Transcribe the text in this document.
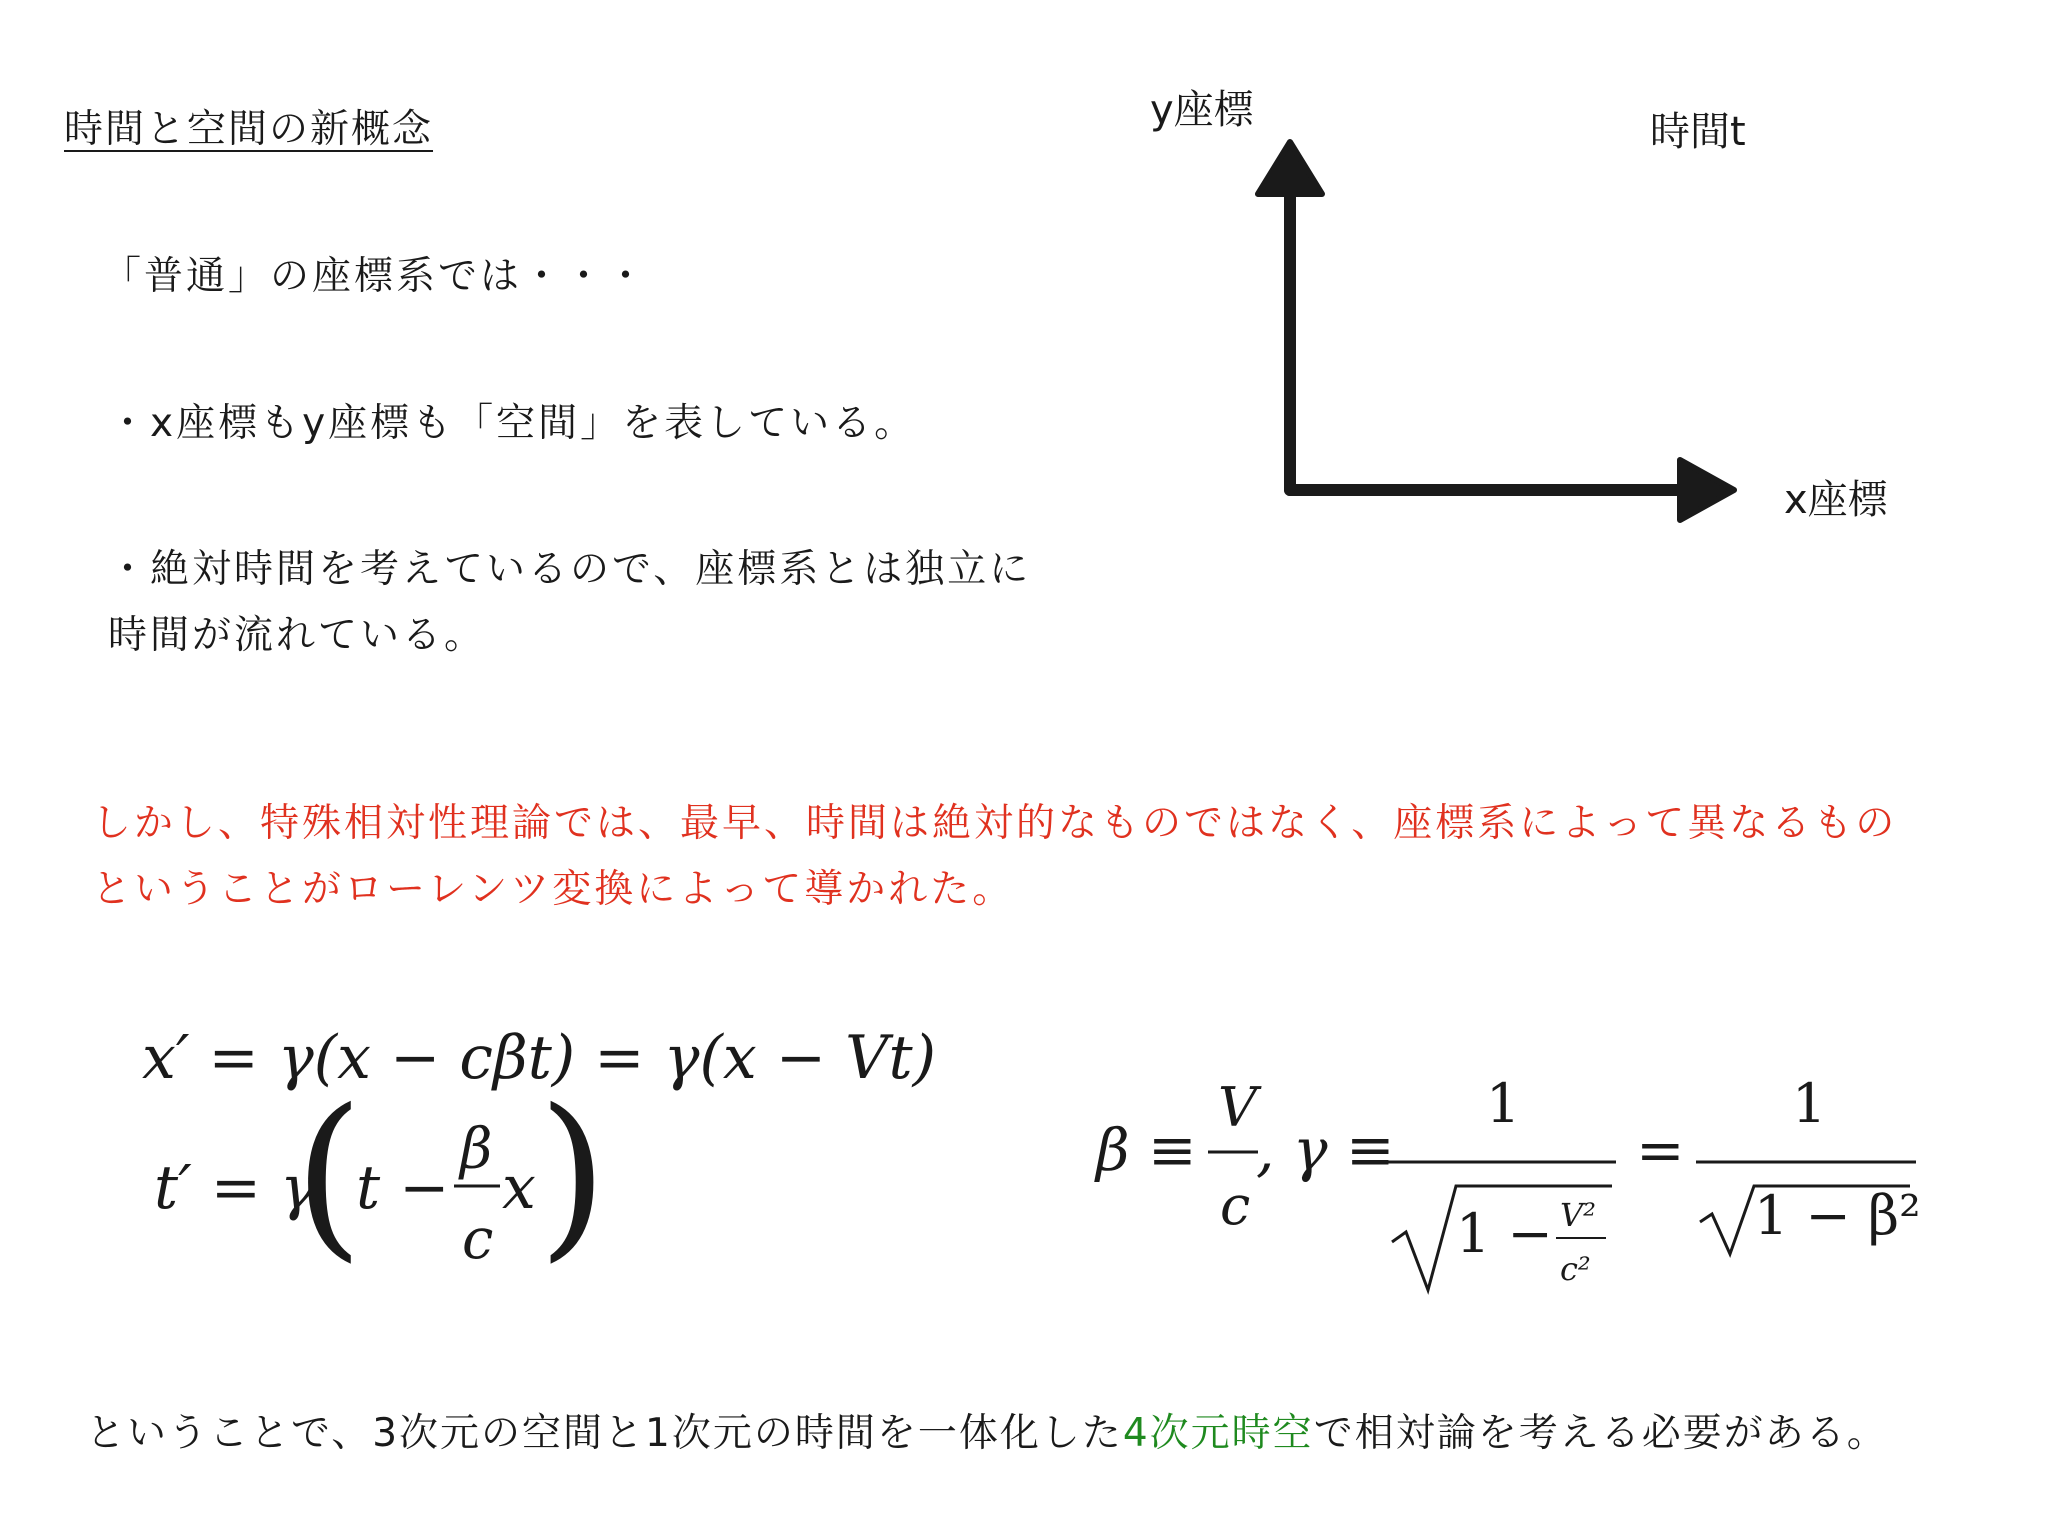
時間と空間の新概念
「普通」の座標系では・・・
・x座標もy座標も「空間」を表している。
・絶対時間を考えているので、座標系とは独立に
時間が流れている。
しかし、特殊相対性理論では、最早、時間は絶対的なものではなく、座標系によって異なるもの
ということがローレンツ変換によって導かれた。
y座標	時間t
x座標
x′ = γ(x − cβt) = γ(x − Vt)
t′ = γ
(
t −
β
c
x )	β ≡
V
c
, γ ≡
1
1 − V²
c²
=
1
1 − β²
ということで、3次元の空間と1次元の時間を一体化した4次元時空で相対論を考える必要がある。
